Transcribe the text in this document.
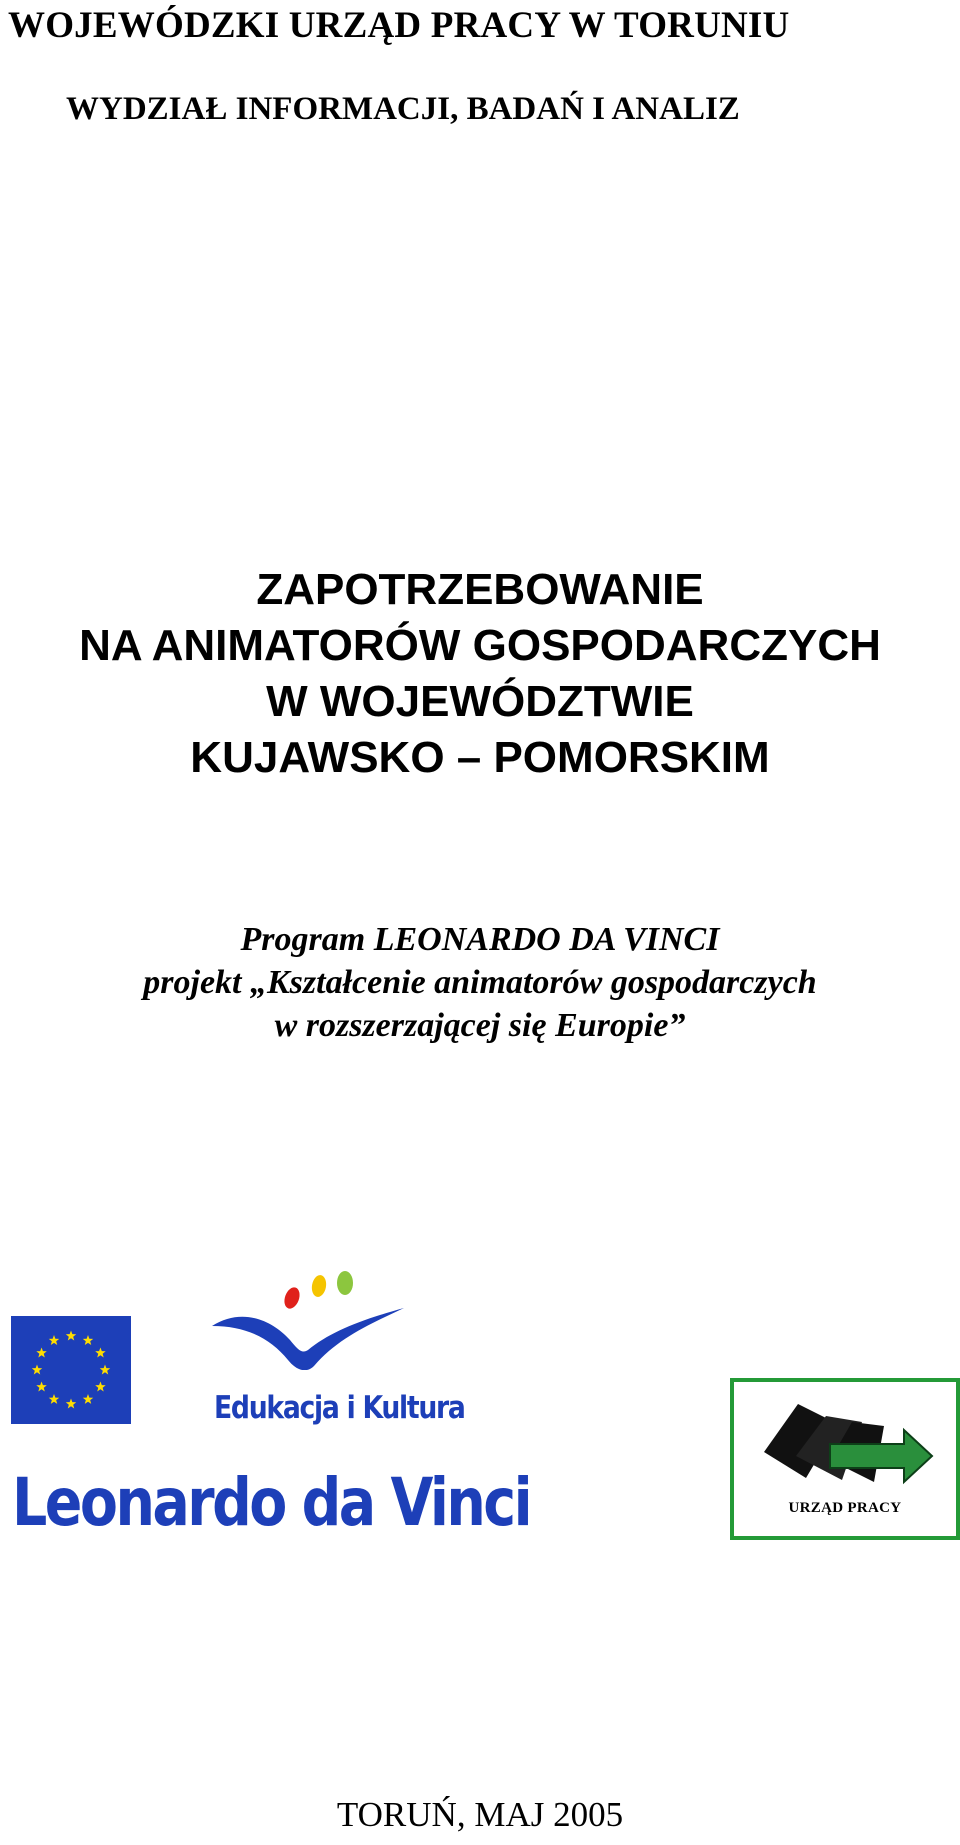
WOJEWÓDZKI URZĄD PRACY W TORUNIU
WYDZIAŁ INFORMACJI, BADAŃ I ANALIZ
ZAPOTRZEBOWANIE
NA ANIMATORÓW GOSPODARCZYCH
W WOJEWÓDZTWIE
KUJAWSKO – POMORSKIM
Program LEONARDO DA VINCI
projekt „Kształcenie animatorów gospodarczych
w rozszerzającej się Europie”
Edukacja i Kultura
Leonardo da Vinci	URZĄD PRACY
TORUŃ, MAJ 2005
